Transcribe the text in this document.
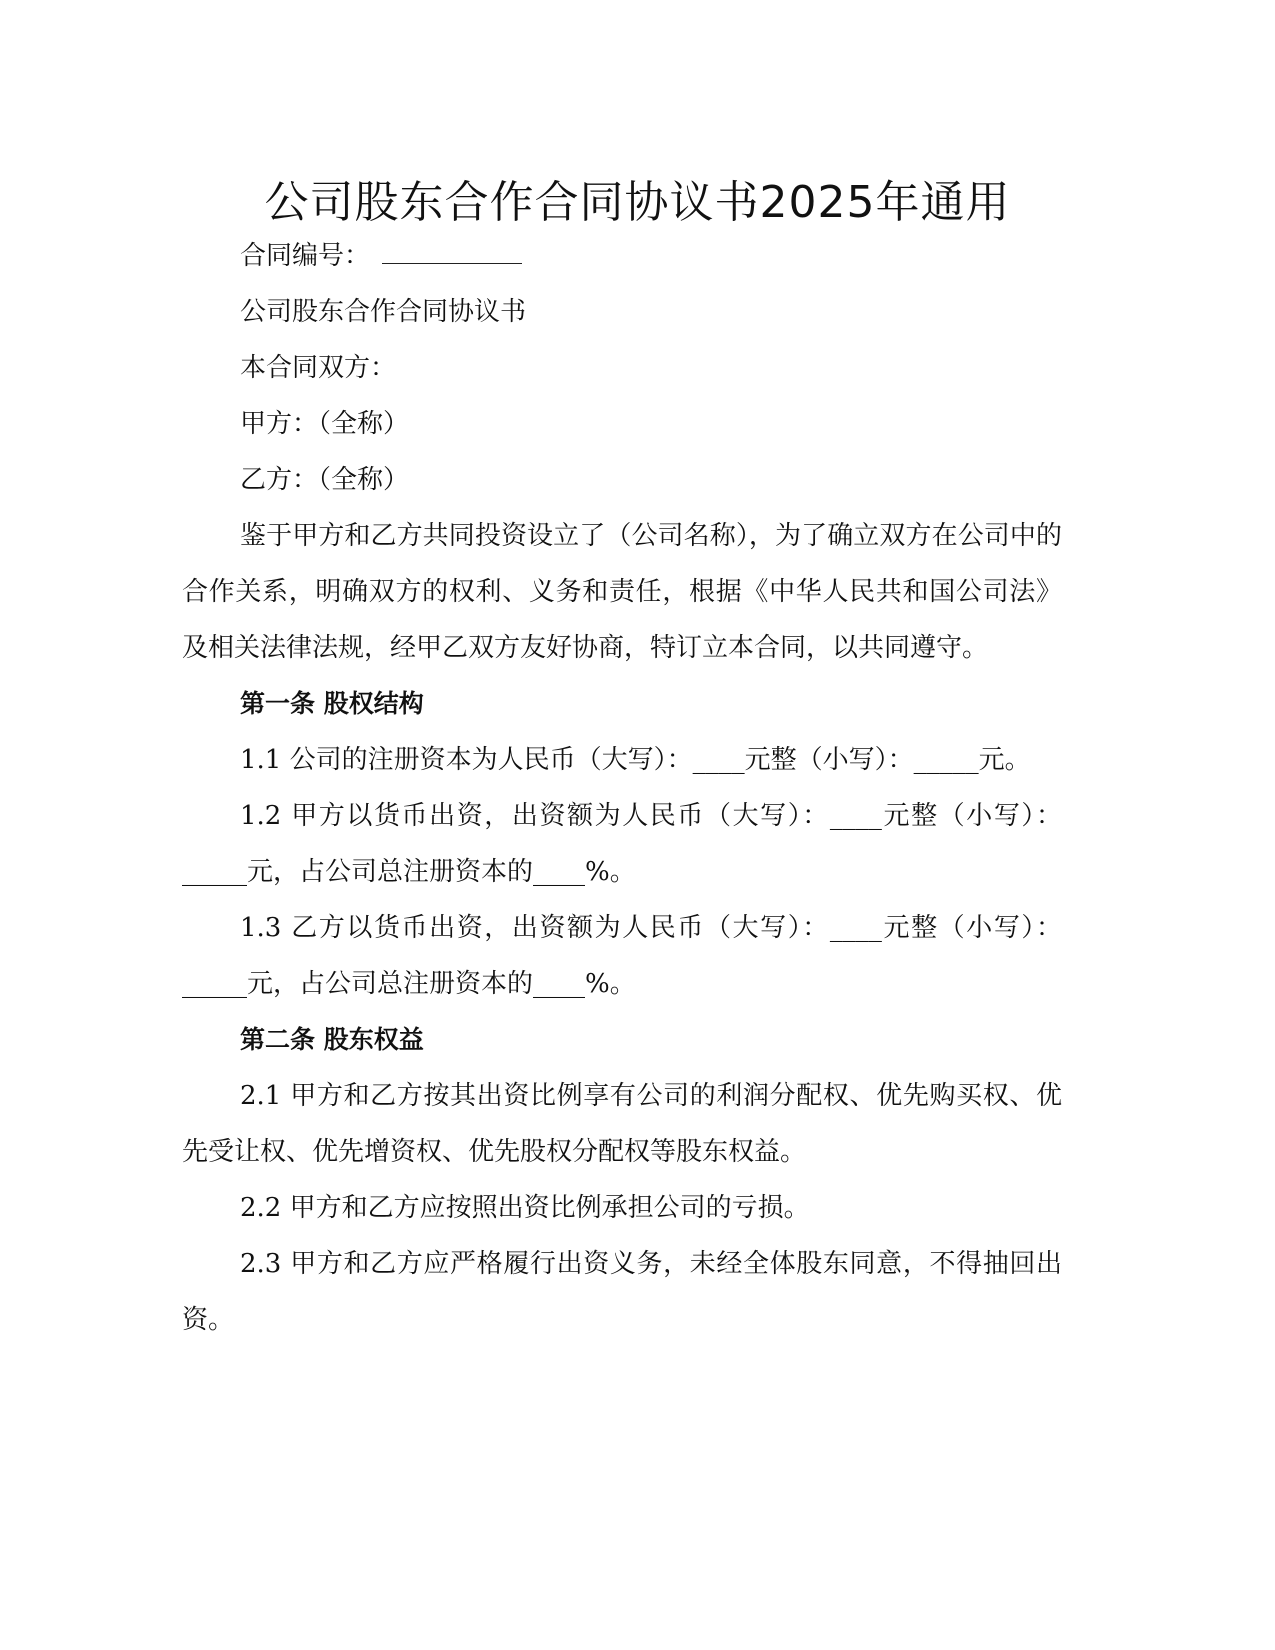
公司股东合作合同协议书2025年通用
合同编号：
公司股东合作合同协议书
本合同双方：
甲方：（全称）
乙方：（全称）
鉴于甲方和乙方共同投资设立了（公司名称），为了确立双方在公司中的合作关系，明确双方的权利、义务和责任，根据《中华人民共和国公司法》及相关法律法规，经甲乙双方友好协商，特订立本合同，以共同遵守。
第一条 股权结构
1.1 公司的注册资本为人民币（大写）：____元整（小写）：_____元。
1.2 甲方以货币出资，出资额为人民币（大写）：____元整（小写）：_____元，占公司总注册资本的____%。
1.3 乙方以货币出资，出资额为人民币（大写）：____元整（小写）：_____元，占公司总注册资本的____%。
第二条 股东权益
2.1 甲方和乙方按其出资比例享有公司的利润分配权、优先购买权、优先受让权、优先增资权、优先股权分配权等股东权益。
2.2 甲方和乙方应按照出资比例承担公司的亏损。
2.3 甲方和乙方应严格履行出资义务，未经全体股东同意，不得抽回出资。
